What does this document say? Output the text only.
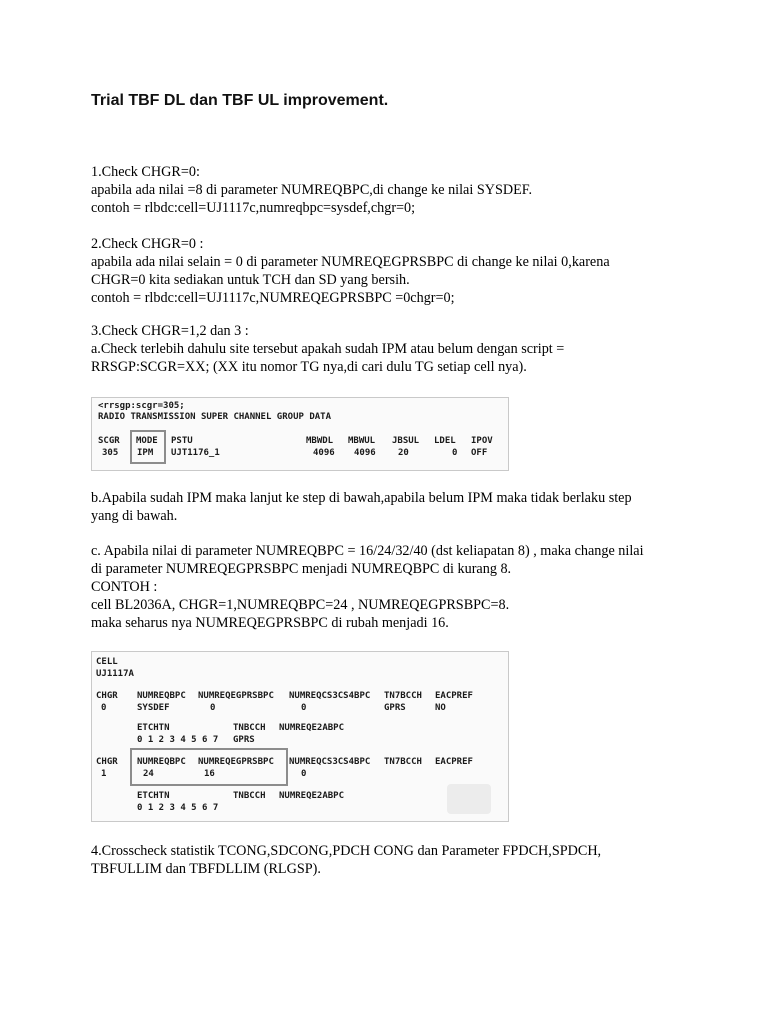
Trial TBF DL dan TBF UL improvement.

1.Check CHGR=0:
apabila ada nilai =8 di parameter NUMREQBPC,di change ke nilai SYSDEF.
contoh = rlbdc:cell=UJ1117c,numreqbpc=sysdef,chgr=0;

2.Check CHGR=0 :
apabila ada nilai selain = 0 di parameter NUMREQEGPRSBPC di change ke nilai 0,karena
CHGR=0 kita sediakan untuk TCH dan SD yang bersih.
contoh = rlbdc:cell=UJ1117c,NUMREQEGPRSBPC =0chgr=0;

3.Check CHGR=1,2 dan 3 :
a.Check terlebih dahulu site tersebut apakah sudah IPM atau belum dengan script =
RRSGP:SCGR=XX; (XX itu nomor TG nya,di cari dulu TG setiap cell nya).

<rrsgp:scgr=305;
RADIO TRANSMISSION SUPER CHANNEL GROUP DATA
SCGR MODE PSTU	MBWDL MBWUL JBSUL LDEL IPOV
305 IPM UJT1176_1	4096 4096 20	0 OFF

b.Apabila sudah IPM maka lanjut ke step di bawah,apabila belum IPM maka tidak berlaku step
yang di bawah.

c. Apabila nilai di parameter NUMREQBPC = 16/24/32/40 (dst keliapatan 8) , maka change nilai
di parameter NUMREQEGPRSBPC menjadi NUMREQBPC di kurang 8.
CONTOH :
cell BL2036A, CHGR=1,NUMREQBPC=24 , NUMREQEGPRSBPC=8.
maka seharus nya NUMREQEGPRSBPC di rubah menjadi 16.

CELL
UJ1117A
CHGR NUMREQBPC NUMREQEGPRSBPC NUMREQCS3CS4BPC TN7BCCH EACPREF
0	SYSDEF	0	0	GPRS	NO
ETCHTN	TNBCCH NUMREQE2ABPC
0 1 2 3 4 5 6 7 GPRS
CHGR NUMREQBPC NUMREQEGPRSBPC NUMREQCS3CS4BPC TN7BCCH EACPREF
1	24	16	0
ETCHTN	TNBCCH NUMREQE2ABPC
0 1 2 3 4 5 6 7

4.Crosscheck statistik TCONG,SDCONG,PDCH CONG dan Parameter FPDCH,SPDCH,
TBFULLIM dan TBFDLLIM (RLGSP).
